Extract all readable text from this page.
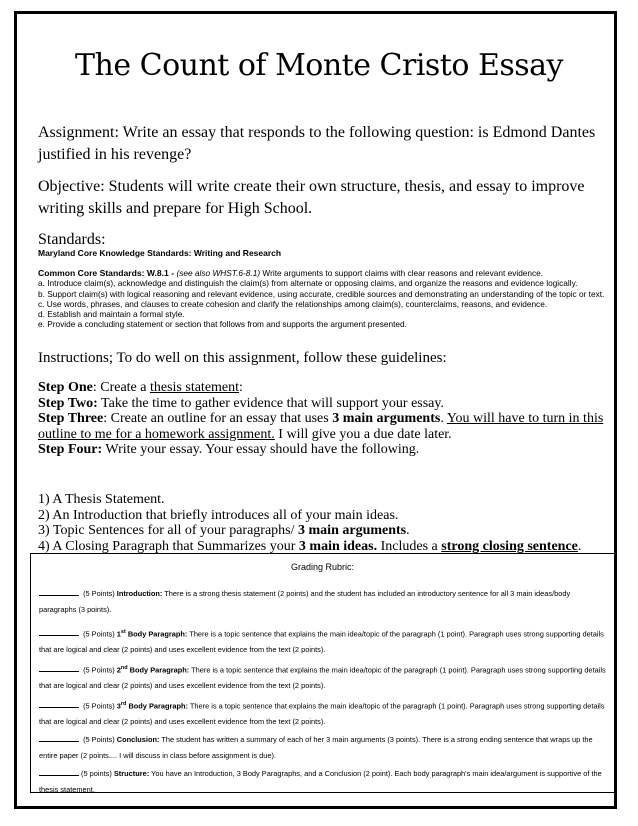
The Count of Monte Cristo Essay
Assignment: Write an essay that responds to the following question: is Edmond Dantes justified in his revenge?
Objective: Students will write create their own structure, thesis, and essay to improve writing skills and prepare for High School.
Standards:
Maryland Core Knowledge Standards: Writing and Research
Common Core Standards: W.8.1 - (see also WHST.6-8.1) Write arguments to support claims with clear reasons and relevant evidence.
a. Introduce claim(s), acknowledge and distinguish the claim(s) from alternate or opposing claims, and organize the reasons and evidence logically.
b. Support claim(s) with logical reasoning and relevant evidence, using accurate, credible sources and demonstrating an understanding of the topic or text.
c. Use words, phrases, and clauses to create cohesion and clarify the relationships among claim(s), counterclaims, reasons, and evidence.
d. Establish and maintain a formal style.
e. Provide a concluding statement or section that follows from and supports the argument presented.
Instructions; To do well on this assignment, follow these guidelines:
Step One: Create a thesis statement:
Step Two: Take the time to gather evidence that will support your essay.
Step Three: Create an outline for an essay that uses 3 main arguments. You will have to turn in this outline to me for a homework assignment. I will give you a due date later.
Step Four: Write your essay. Your essay should have the following.
1) A Thesis Statement.
2) An Introduction that briefly introduces all of your main ideas.
3) Topic Sentences for all of your paragraphs/ 3 main arguments.
4) A Closing Paragraph that Summarizes your 3 main ideas. Includes a strong closing sentence.
Grading Rubric:
(5 Points) Introduction: There is a strong thesis statement (2 points) and the student has included an introductory sentence for all 3 main ideas/body paragraphs (3 points).
(5 Points) 1st Body Paragraph: There is a topic sentence that explains the main idea/topic of the paragraph (1 point). Paragraph uses strong supporting details that are logical and clear (2 points) and uses excellent evidence from the text (2 points).
(5 Points) 2nd Body Paragraph: There is a topic sentence that explains the main idea/topic of the paragraph (1 point). Paragraph uses strong supporting details that are logical and clear (2 points) and uses excellent evidence from the text (2 points).
(5 Points) 3rd Body Paragraph: There is a topic sentence that explains the main idea/topic of the paragraph (1 point). Paragraph uses strong supporting details that are logical and clear (2 points) and uses excellent evidence from the text (2 points).
(5 Points) Conclusion: The student has written a summary of each of her 3 main arguments (3 points). There is a strong ending sentence that wraps up the entire paper (2 points.... I will discuss in class before assignment is due).
(5 points) Structure: You have an Introduction, 3 Body Paragraphs, and a Conclusion (2 point). Each body paragraph's main idea/argument is supportive of the thesis statement.
